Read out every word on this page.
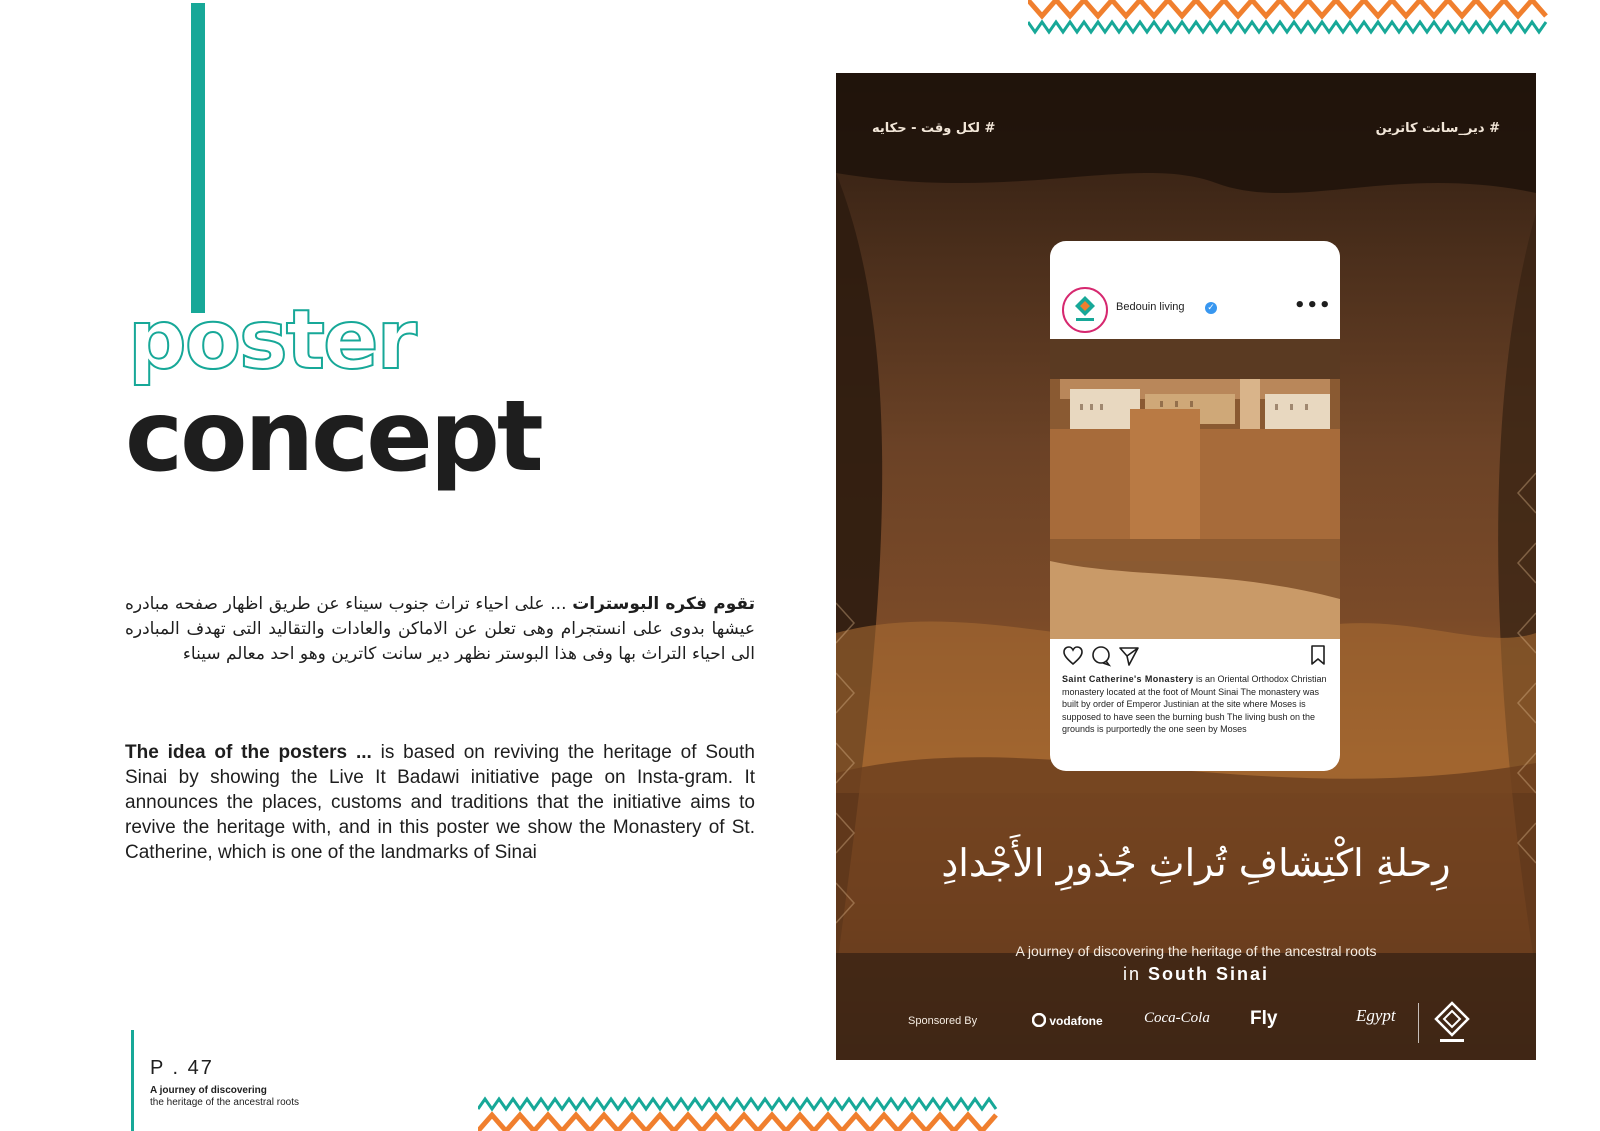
poster
concept

تقوم فكره البوسترات ... على احياء تراث جنوب سيناء عن طريق اظهار صفحه مبادره عيشها بدوى على انستجرام وهى تعلن عن الاماكن والعادات والتقاليد التى تهدف المبادره الى احياء التراث بها وفى هذا البوستر نظهر دير سانت كاترين وهو احد معالم سيناء

The idea of the posters ... is based on reviving the heritage of South Sinai by showing the Live It Badawi initiative page on Insta-gram. It announces the places, customs and traditions that the initiative aims to revive the heritage with, and in this poster we show the Monastery of St. Catherine, which is one of the landmarks of Sinai

P . 47
A journey of discovering
the heritage of the ancestral roots
# لكل وقت - حكايه	# دير_سانت كاترين
Bedouin living	✓	•••

Saint Catherine's Monastery is an Oriental Orthodox Christian monastery located at the foot of Mount Sinai The monastery was built by order of Emperor Justinian at the site where Moses is supposed to have seen the burning bush The living bush on the grounds is purportedly the one seen by Moses

رِحلةِ اكْتِشافِ تُراثِ جُذورِ الأَجْدادِ
A journey of discovering the heritage of the ancestral roots
in South Sinai
Sponsored By	vodafone	Coca-Cola Fly	Egypt
